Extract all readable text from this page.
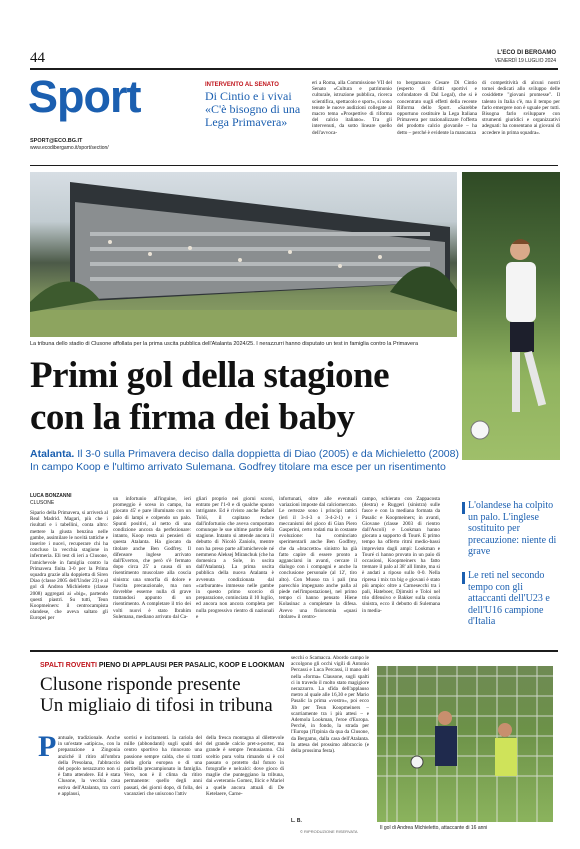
44	L'ECO DI BERGAMO
VENERDÌ 19 LUGLIO 2024
Sport
SPORT@ECO.BG.IT
www.ecodibergamo.it/sport/section/
INTERVENTO AL SENATO
Di Cintio e i vivai «C'è bisogno di una Lega Primavera»
eri a Roma, alla Commissione VII del Senato «Cultura e patrimonio culturale, istruzione pubblica, ricerca scientifica, spettacolo e sport», si sono tenute le nuove audizioni collegate al macro tema «Prospettive di riforma del calcio italiano». Tra gli intervenuti, da sotto lineare quello dell'avvoca-
to bergamasco Cesare Di Cintio (esperto di diritti sportivi e cofondatore di Dal Legal), che si è concentrato sugli effetti della recente Riforma dello Sport. «Sarebbe opportuno costituire la Lega Italiana Primavera per razionalizzare l'offerta del prodotto calcio giovanile – ha detto – perché è evidente la mancanza
di competitività di alcuni nostri tornei dedicati allo sviluppo delle cosiddette "giovani promesse". Il talento in Italia c'è, ma il tempo per farlo emergere non è uguale per tutti. Bisogna farlo sviluppare con strumenti giuridici e organizzativi adeguati: ha consentano ai giovani di accedere in prima squadra».
La tribuna dello stadio di Clusone affollata per la prima uscita pubblica dell'Atalanta 2024/25. I nerazzurri hanno disputato un test in famiglia contro la Primavera
Primi gol della stagione
con la firma dei baby
Atalanta. Il 3-0 sulla Primavera deciso dalla doppietta di Diao (2005) e da Michieletto (2008) In campo Koop e l'ultimo arrivato Sulemana. Godfrey titolare ma esce per un risentimento
LUCA BONZANNI
CLUSONE
Sipario della Primavera, si arriverà al Real Madrid. Magari, più che i risultati e i tabellini, conta altro: mettere la giusta benzina nelle gambe, assimilare le novità tattiche e inserire i nuovi, recuperare chi ha concluso la vecchia stagione in infermeria. Eli test di ieri a Clusone, l'amichevole in famiglia contro la Primavera finita 3-0 per la Prima squadra grazie alla doppietta di Siren Diao (classe 2005 dell'Under 23) e al gol di Andrea Michieletto (classe 2008) aggregati ai «big», partendo questi piastri. Su tutti, Teun Koopmeiners: il centrocampista olandese, che aveva saltato gli Europei per
un infortunio all'inguine, ieri promeggio è sceso in campo, ha giocato 45' e pare illuminato con un paio di lampi e colpendo un palo. Spunti positivi, al netto di una condizione ancora da perfezionare: intanto, Koop resta ai pensieri di questa Atalanta. Ha giocato da titolare anche Ben Godfrey. Il difensore inglese arrivato dall'Everton, che però s'è fermato dopo circa 25' a causa di un risentimento muscolare alla coscia sinistra: una smorfia di dolore e l'uscita precauzionale, ma non dovrebbe esserne nulla di grave trattandosi appunto di un risentimento. A completare il trio dei volti nuovi è stato Ibrahim Sulemana, mediano arrivato dal Ca-
gliari proprio nei giorni scorsi, entrato per l'1-0 e di qualche spunto intrigante. Ed è rivisto anche Rafael Tolói, il capitano reduce dall'infortunio che aveva comportato comunque le sue ultime partite della stagione. Intanto si attende ancora il debutto di Nicolò Zaniolo, mentre non ha preso parte all'amichevole né nemmeno Aleksej Miranchuk (che ha domenica a Sole, in uscita dall'Atalanta). La prima uscita pubblica della nuova Atalanta è avvenuta condizionata dal «carburante» immesso nelle gambe in questo primo scorcio di preparazione, cominciata il 10 luglio, ed ancora non ancora completa per nulla progressivo rientro di nazionali e
infortunati, oltre alle eventuali variazioni imposte dal calciomercato. Le certezze sono i principi tattici (ieri il 3-4-3 o 3-4-2-1) e i meccanismi del gioco di Gian Piero Gasperini, certo rodati ma in costante evoluzione: ha cominciato sperimentarli anche Ben Godfrey, che da «braccetto» sinistro ha già fatto capire di essere pronto a agganciarsi in avanti, cercare il dialogo con i compagni e anche la conclusione personale (al 12', tiro alto). Con Musso tra i pali (ma parecchio impegnato anche palla al piede nell'impostazione), nel primo tempo ci hanno pensato Hiene Kolasinac a completare la difesa. Avevo una fisionomia «quasi titolare» il centro-
campo, schierato con Zappacosta (destra) e Ruggeri (sinistra) sulle fasce e con la mediana formata da Pasalic e Koopmeiners; in avanti, Giovane (classe 2003 di rientro dall'Ascoli) e Lookman hanno giocato a supporto di Touré. E primo tempo ha offerto ritmi medio-bassi imprevisto dagli ampi: Lookman e Touré ci hanno provato in un paio di occasioni, Koopmeiners ha fatto tremare il palo al 38' all limite, ma si è andati a riposo sullo 0-0. Nella ripresa i mix tra big e giovani è stato più ampio: oltre a Carnesecchi tra i pali, Hateboer, Djimsiti e Toloi nel trio difensivo e Bakker sulla corsia sinistra, ecco il debutto di Sulemana in media-
L'olandese ha colpito un palo. L'inglese sostituito per precauzione: niente di grave
Le reti nel secondo tempo con gli attaccanti dell'U23 e dell'U16 campione d'Italia
SPALTI ROVENTI PIENO DI APPLAUSI PER PASALIC, KOOP E LOOKMAN
Clusone risponde presente
Un migliaio di tifosi in tribuna
P antuale, tradizionale. Anche in un'estate «atipica», con la preparazione a Zingonia anziché il ritiro all'ombra della Presolana, l'abbraccio del popolo nerazzurro non si è fatto attendere. Ed è stata Clusone, la vecchia casa estiva dell'Atalanta, tra corri e applausi,
sorrisi e incitamenti. la cariola del mille (abbondanti) sugli spalti del centro sportivo ha rinnovato una passione sempre calda, che si tratti della gloria europea o di una partitella precampionato in famiglia. Vero, non è il clima da ritiro permanente: quello degli anni passati, dei giorni dopo, di folla, dei vacanzieri che uniscono l'attiv
della fresca montagna al dilettevole del grande calcio pret-a-porter, ma grande è sempre l'entusiasmo. Chi sceltio pura volta rimando si è col passato o protetto dal futuro in fotografie e nelcalci: dove gioco di maglie che punteggiano la tribuna, dai «veterani» Gomez, Ilicic e Mariel a quelle ancora attuali di De Ketelaere, Carne-
secchi o Scamacca. Abordo campo le accolgono gli occhi vigili di Antonio Percassi e Luca Percassi, il mano del nella «forma» Clausone, sugli spalti ci in travedo il molto stato magigiore nerazzurro. La sfida dell'applauso metro al quale alle 16,30 e per Mario Pasalic la prima «vostro», poi ecco Jib per Teun Koopmeiners – scarriamente tra i più attesi – e Ademola Lookman, l'eroe d'Europa. Perché, in fondo, la strada per l'Europa (l'Irpinia da qua da Clusone, da Bergamo, dalla casa dell'Atalanta. In attesa del prossimo abbraccio (e della prossima festa).
L. B.
© RIPRODUZIONE RISERVATA
Il gol di Andrea Michieletto, attaccante di 16 anni
